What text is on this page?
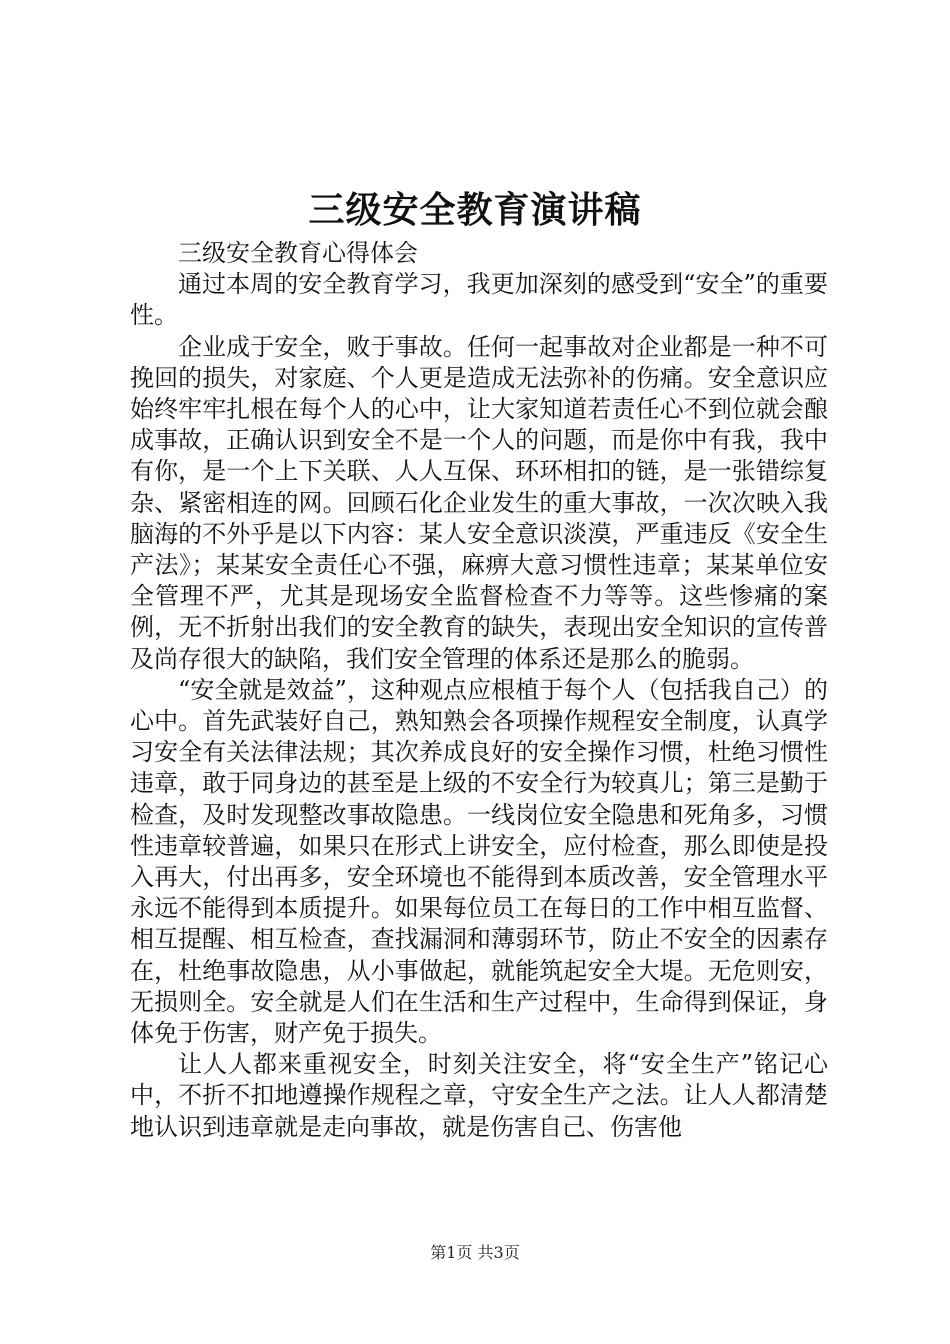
三级安全教育演讲稿

三级安全教育心得体会

通过本周的安全教育学习，我更加深刻的感受到“安全”的重要性。

企业成于安全，败于事故。任何一起事故对企业都是一种不可挽回的损失，对家庭、个人更是造成无法弥补的伤痛。安全意识应始终牢牢扎根在每个人的心中，让大家知道若责任心不到位就会酿成事故，正确认识到安全不是一个人的问题，而是你中有我，我中有你，是一个上下关联、人人互保、环环相扣的链，是一张错综复杂、紧密相连的网。回顾石化企业发生的重大事故，一次次映入我脑海的不外乎是以下内容：某人安全意识淡漠，严重违反《安全生产法》；某某安全责任心不强，麻痹大意习惯性违章；某某单位安全管理不严，尤其是现场安全监督检查不力等等。这些惨痛的案例，无不折射出我们的安全教育的缺失，表现出安全知识的宣传普及尚存很大的缺陷，我们安全管理的体系还是那么的脆弱。

“安全就是效益”，这种观点应根植于每个人（包括我自己）的心中。首先武装好自己，熟知熟会各项操作规程安全制度，认真学习安全有关法律法规；其次养成良好的安全操作习惯，杜绝习惯性违章，敢于同身边的甚至是上级的不安全行为较真儿；第三是勤于检查，及时发现整改事故隐患。一线岗位安全隐患和死角多，习惯性违章较普遍，如果只在形式上讲安全，应付检查，那么即使是投入再大，付出再多，安全环境也不能得到本质改善，安全管理水平永远不能得到本质提升。如果每位员工在每日的工作中相互监督、相互提醒、相互检查，查找漏洞和薄弱环节，防止不安全的因素存在，杜绝事故隐患，从小事做起，就能筑起安全大堤。无危则安，无损则全。安全就是人们在生活和生产过程中，生命得到保证，身体免于伤害，财产免于损失。

让人人都来重视安全，时刻关注安全，将“安全生产”铭记心中，不折不扣地遵操作规程之章，守安全生产之法。让人人都清楚地认识到违章就是走向事故，就是伤害自己、伤害他

第1页 共3页
